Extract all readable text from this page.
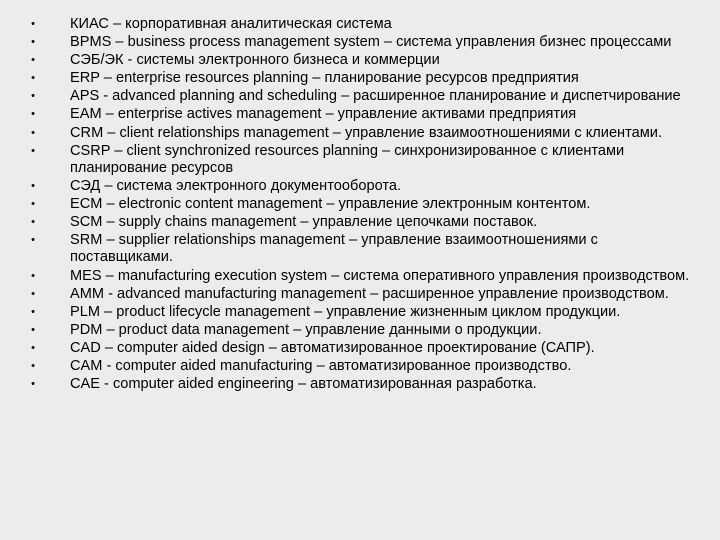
• КИАС – корпоративная аналитическая система
• BPMS – business process management system – система управления бизнес процессами
• СЭБ/ЭК - системы электронного бизнеса и коммерции
• ERP – enterprise resources planning – планирование ресурсов предприятия
• APS - advanced planning and scheduling – расширенное планирование и диспетчирование
• EAM – enterprise actives management – управление активами предприятия
• CRM – client relationships management – управление взаимоотношениями с клиентами.
• CSRP – client synchronized resources planning – синхронизированное с клиентами планирование ресурсов
• СЭД – система электронного документооборота.
• ECM – electronic content management – управление электронным контентом.
• SCM – supply chains management – управление цепочками поставок.
• SRM – supplier relationships management – управление взаимоотношениями с поставщиками.
• MES – manufacturing execution system – система оперативного управления производством.
• AMM - advanced manufacturing management – расширенное управление производством.
• PLM – product lifecycle management – управление жизненным циклом продукции.
• PDM – product data management – управление данными о продукции.
• CAD – computer aided design – автоматизированное проектирование (САПР).
• CAM - computer aided manufacturing – автоматизированное производство.
• CAE - computer aided engineering – автоматизированная разработка.
